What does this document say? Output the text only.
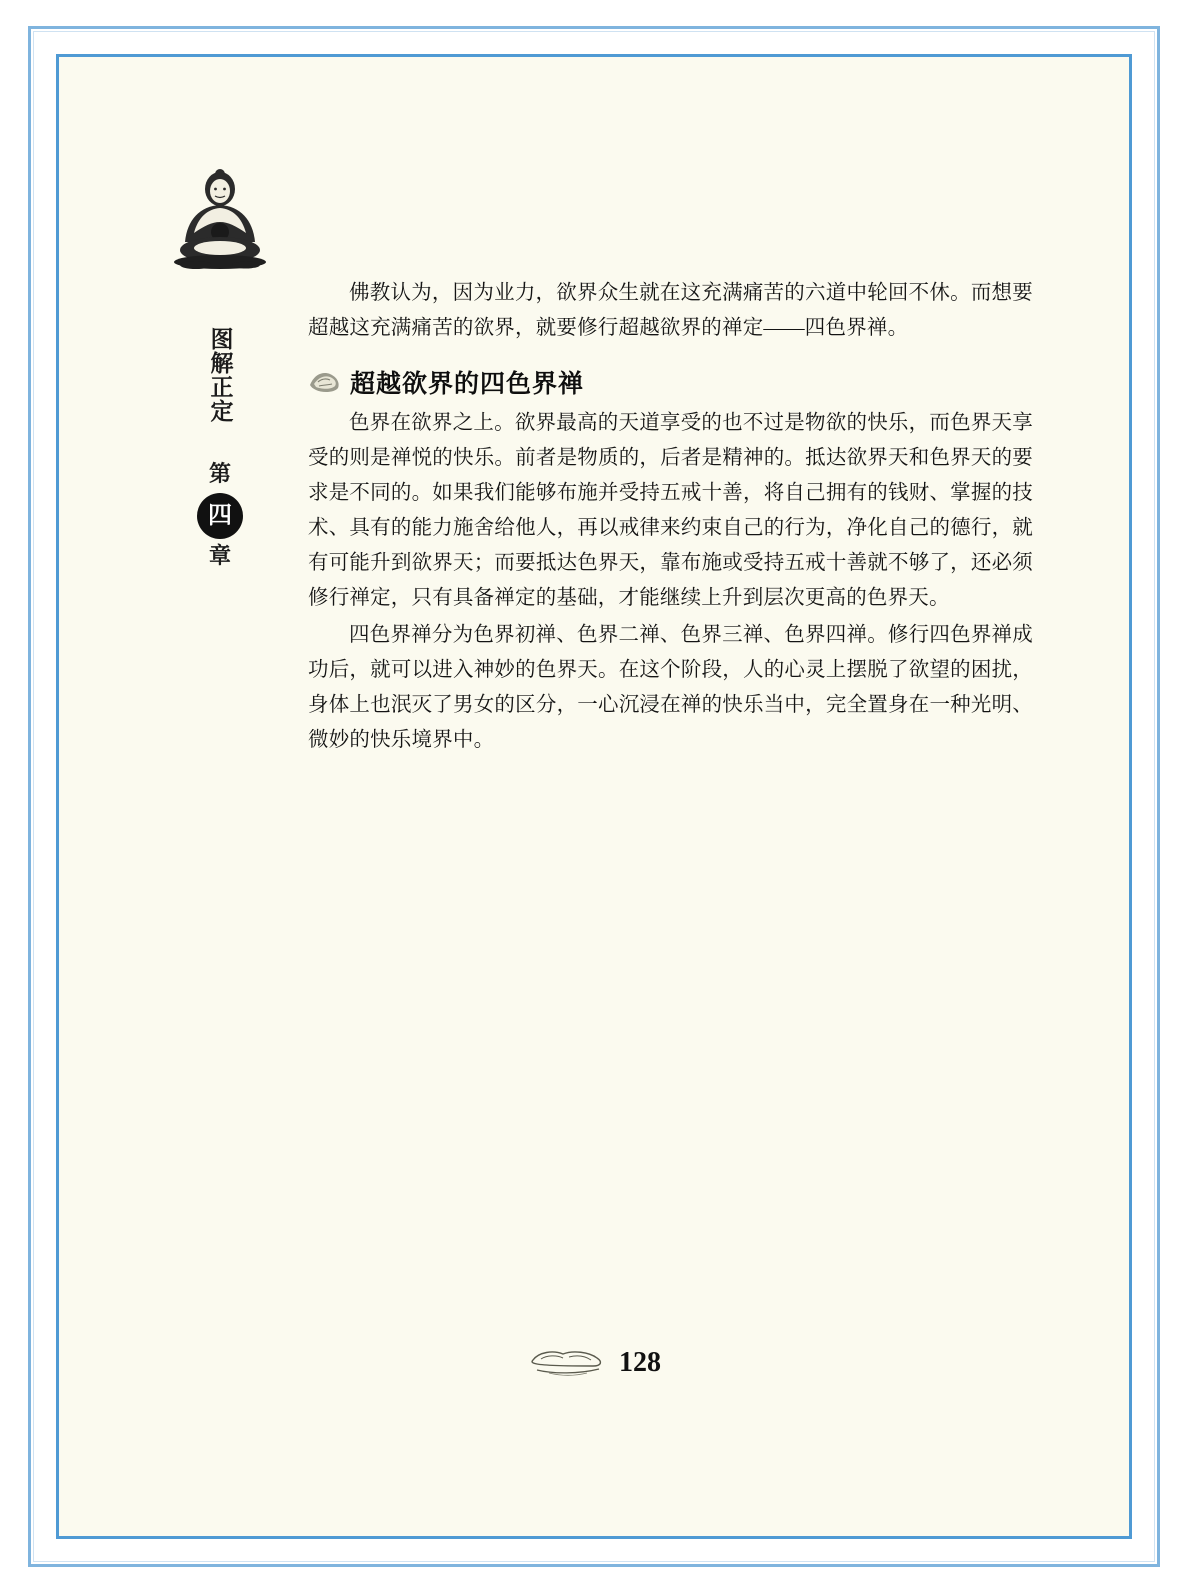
图解正定
第
四
章

佛教认为，因为业力，欲界众生就在这充满痛苦的六道中轮回不休。而想要超越这充满痛苦的欲界，就要修行超越欲界的禅定——四色界禅。

超越欲界的四色界禅

色界在欲界之上。欲界最高的天道享受的也不过是物欲的快乐，而色界天享受的则是禅悦的快乐。前者是物质的，后者是精神的。抵达欲界天和色界天的要求是不同的。如果我们能够布施并受持五戒十善，将自己拥有的钱财、掌握的技术、具有的能力施舍给他人，再以戒律来约束自己的行为，净化自己的德行，就有可能升到欲界天；而要抵达色界天，靠布施或受持五戒十善就不够了，还必须修行禅定，只有具备禅定的基础，才能继续上升到层次更高的色界天。

四色界禅分为色界初禅、色界二禅、色界三禅、色界四禅。修行四色界禅成功后，就可以进入神妙的色界天。在这个阶段，人的心灵上摆脱了欲望的困扰，身体上也泯灭了男女的区分，一心沉浸在禅的快乐当中，完全置身在一种光明、微妙的快乐境界中。

128
